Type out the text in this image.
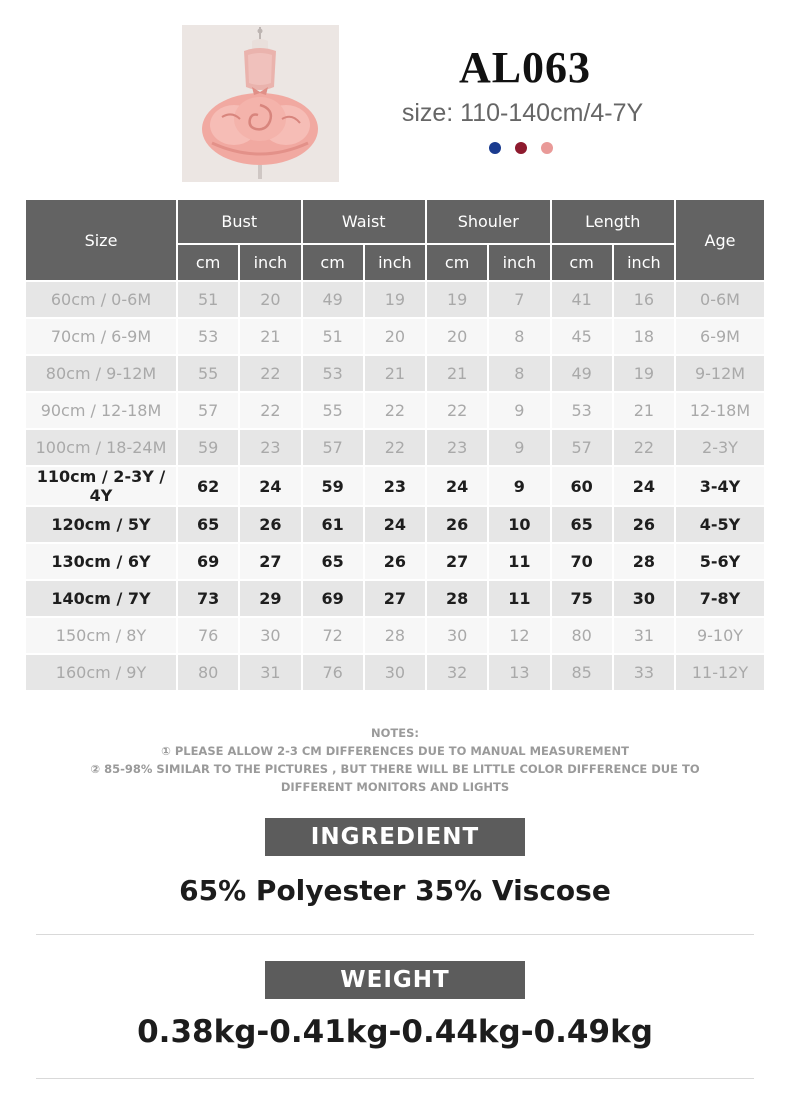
AL063
size: 110-140cm/4-7Y
Size	Bust		Waist		Shouler		Length		Age
	cm	inch	cm	inch	cm	inch	cm	inch	
60cm / 0-6M	51	20	49	19	19	7	41	16	0-6M
70cm / 6-9M	53	21	51	20	20	8	45	18	6-9M
80cm / 9-12M	55	22	53	21	21	8	49	19	9-12M
90cm / 12-18M	57	22	55	22	22	9	53	21	12-18M
100cm / 18-24M	59	23	57	22	23	9	57	22	2-3Y
110cm / 2-3Y / 4Y	62	24	59	23	24	9	60	24	3-4Y
120cm / 5Y	65	26	61	24	26	10	65	26	4-5Y
130cm / 6Y	69	27	65	26	27	11	70	28	5-6Y
140cm / 7Y	73	29	69	27	28	11	75	30	7-8Y
150cm / 8Y	76	30	72	28	30	12	80	31	9-10Y
160cm / 9Y	80	31	76	30	32	13	85	33	11-12Y
NOTES:
① PLEASE ALLOW 2-3 CM DIFFERENCES DUE TO MANUAL MEASUREMENT
② 85-98% SIMILAR TO THE PICTURES , BUT THERE WILL BE LITTLE COLOR DIFFERENCE DUE TO DIFFERENT MONITORS AND LIGHTS
INGREDIENT
65% Polyester 35% Viscose
WEIGHT
0.38kg-0.41kg-0.44kg-0.49kg
